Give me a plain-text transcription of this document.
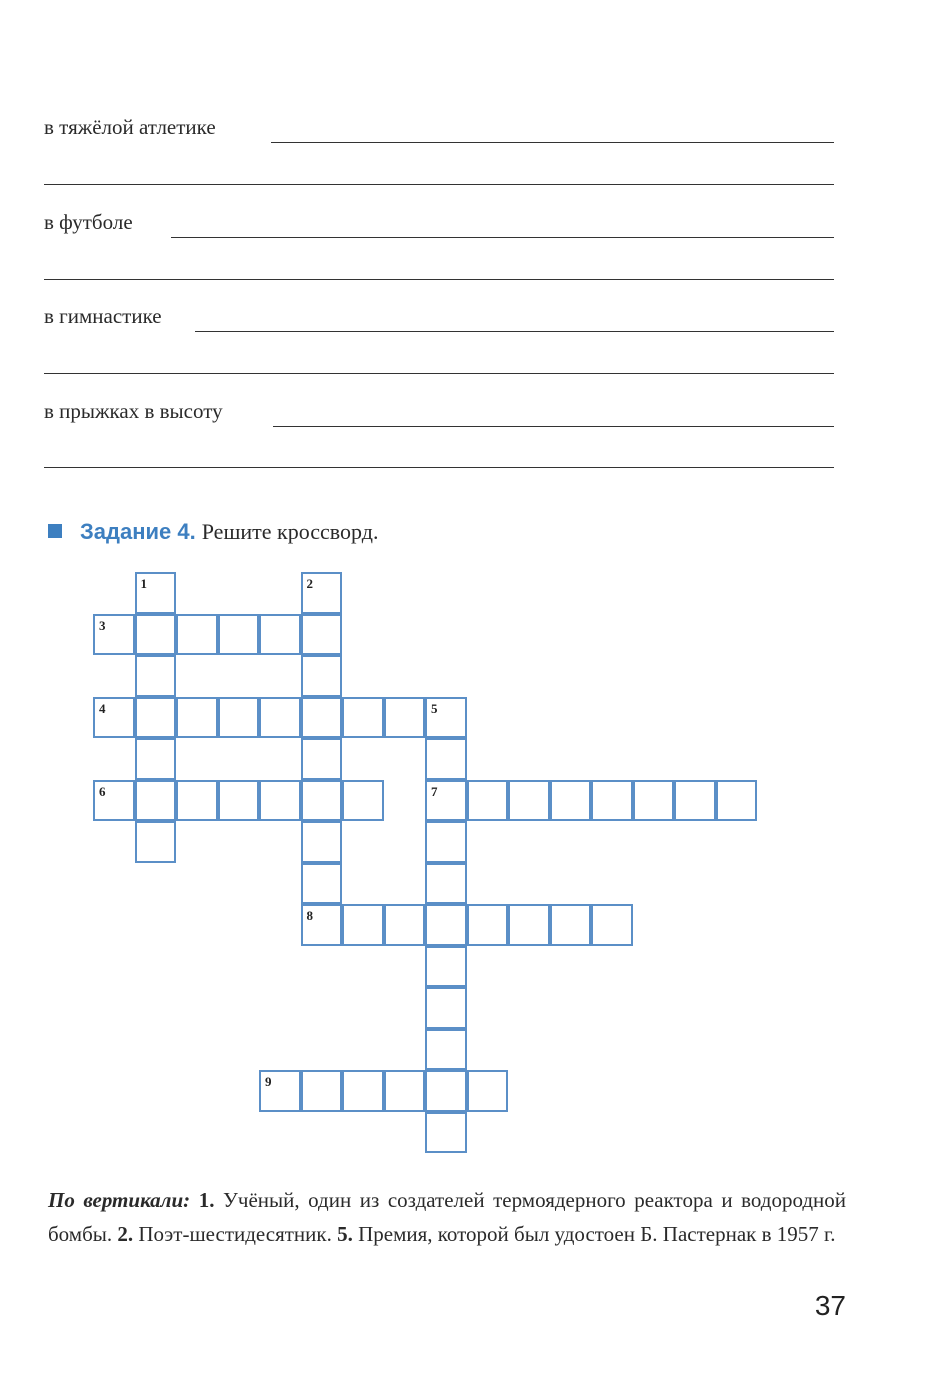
в тяжёлой атлетике
в футболе
в гимнастике
в прыжках в высоту
Задание 4. Решите кроссворд.
1	2
8
3
4	5
7
6
9

По вертикали: 1. Учёный, один из создателей термоядерного реактора и водородной бомбы. 2. Поэт-шестидесятник. 5. Премия, которой был удостоен Б. Пастернак в 1957 г.

37
